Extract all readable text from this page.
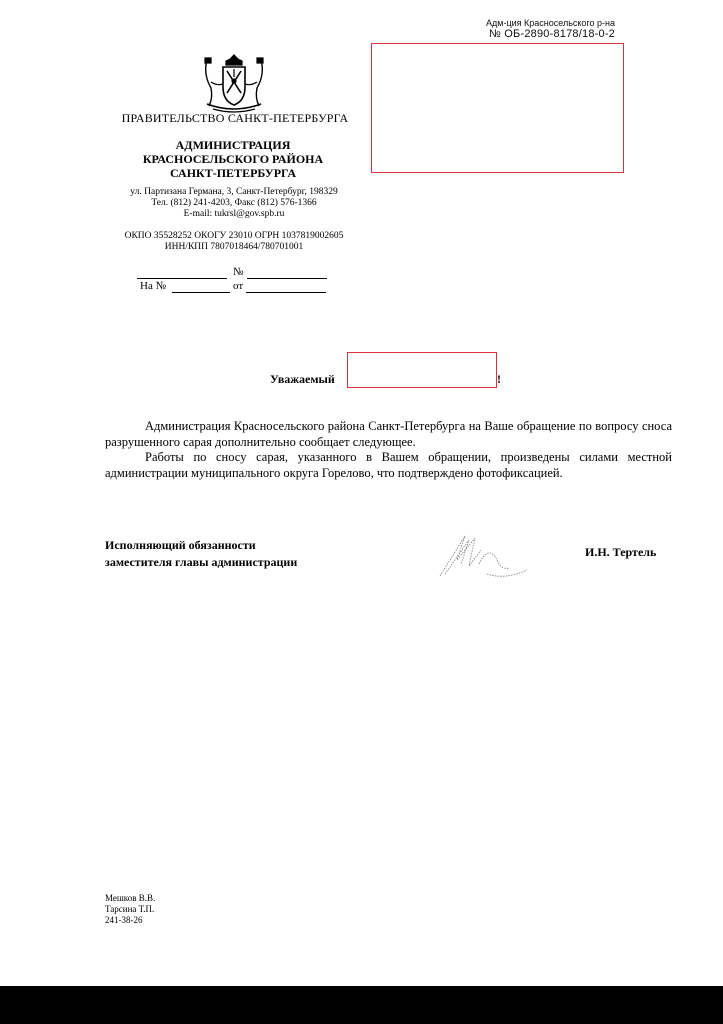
Адм-ция Красносельского р-на
№ ОБ-2890-8178/18-0-2
ПРАВИТЕЛЬСТВО САНКТ-ПЕТЕРБУРГА
АДМИНИСТРАЦИЯ
КРАСНОСЕЛЬСКОГО РАЙОНА
САНКТ-ПЕТЕРБУРГА
ул. Партизана Германа, 3, Санкт-Петербург, 198329
Тел. (812) 241-4203, Факс (812) 576-1366
E-mail: tukrsl@gov.spb.ru
ОКПО 35528252 ОКОГУ 23010 ОГРН 1037819002605
ИНН/КПП 7807018464/780701001
№
На №	от
Уважаемый	!

Администрация Красносельского района Санкт-Петербурга на Ваше обращение по вопросу сноса разрушенного сарая дополнительно сообщает следующее.

Работы по сносу сарая, указанного в Вашем обращении, произведены силами местной администрации муниципального округа Горелово, что подтверждено фотофиксацией.

Исполняющий обязанности
заместителя главы администрации
И.Н. Тертель
Мешков В.В.
Тарсина Т.П.
241-38-26
